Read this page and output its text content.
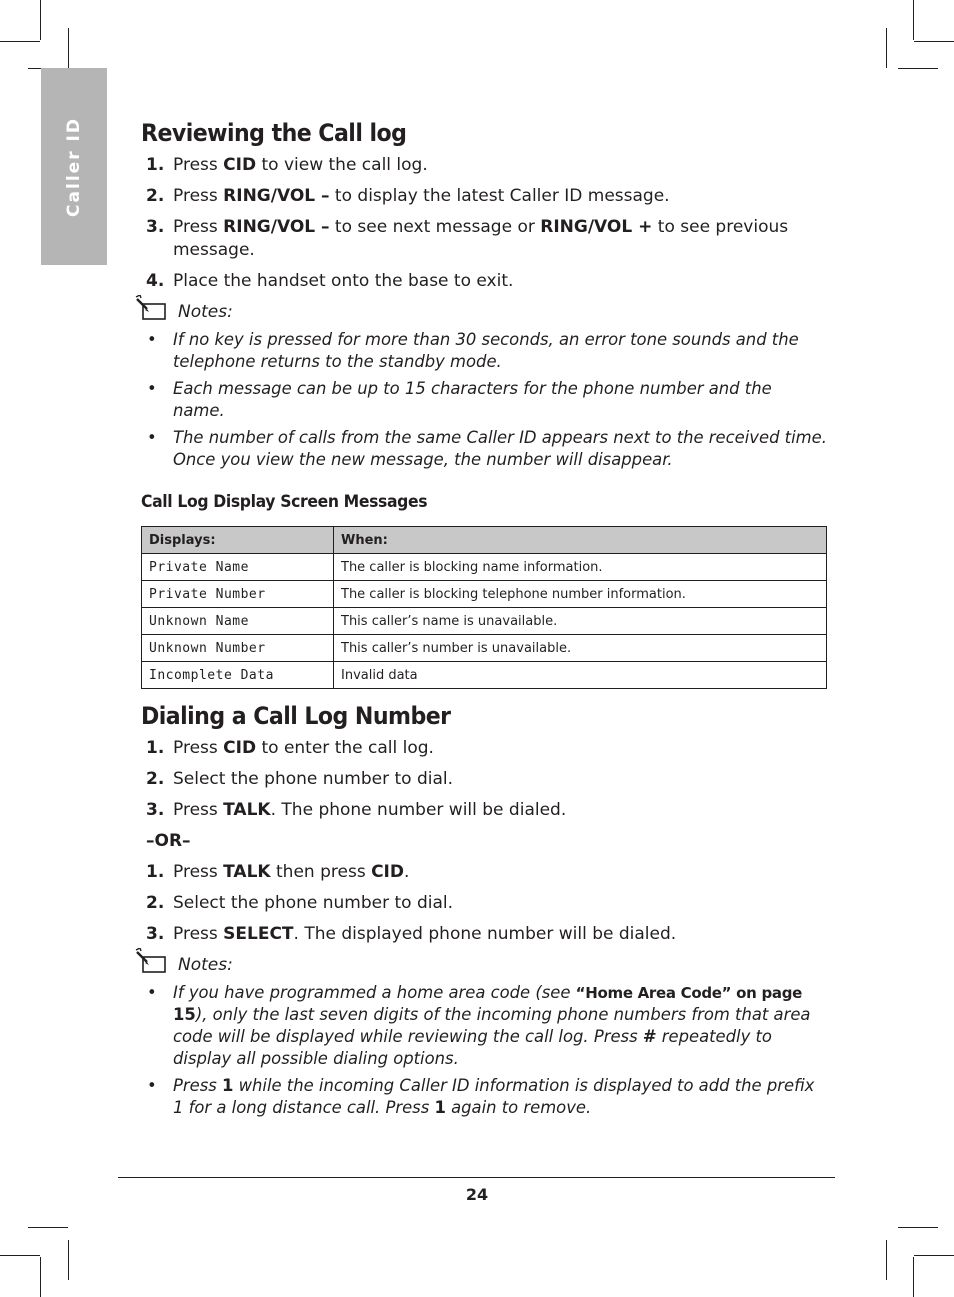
Caller ID Reviewing the Call log
1. Press CID to view the call log.
2. Press RING/VOL – to display the latest Caller ID message.
3. Press RING/VOL – to see next message or RING/VOL + to see previous message.
4. Place the handset onto the base to exit.
Notes:
• If no key is pressed for more than 30 seconds, an error tone sounds and the telephone returns to the standby mode.
• Each message can be up to 15 characters for the phone number and the name.
• The number of calls from the same Caller ID appears next to the received time. Once you view the new message, the number will disappear.
Call Log Display Screen Messages
Displays:	When:
Private Name	The caller is blocking name information.
Private Number	The caller is blocking telephone number information.
Unknown Name	This caller’s name is unavailable.
Unknown Number	This caller’s number is unavailable.
Incomplete Data	Invalid data
Dialing a Call Log Number
1. Press CID to enter the call log.
2. Select the phone number to dial.
3. Press TALK. The phone number will be dialed.
–OR–
1. Press TALK then press CID.
2. Select the phone number to dial.
3. Press SELECT. The displayed phone number will be dialed.
Notes:
• If you have programmed a home area code (see “Home Area Code” on page 15), only the last seven digits of the incoming phone numbers from that area code will be displayed while reviewing the call log. Press # repeatedly to display all possible dialing options.
• Press 1 while the incoming Caller ID information is displayed to add the prefix 1 for a long distance call. Press 1 again to remove.
24
